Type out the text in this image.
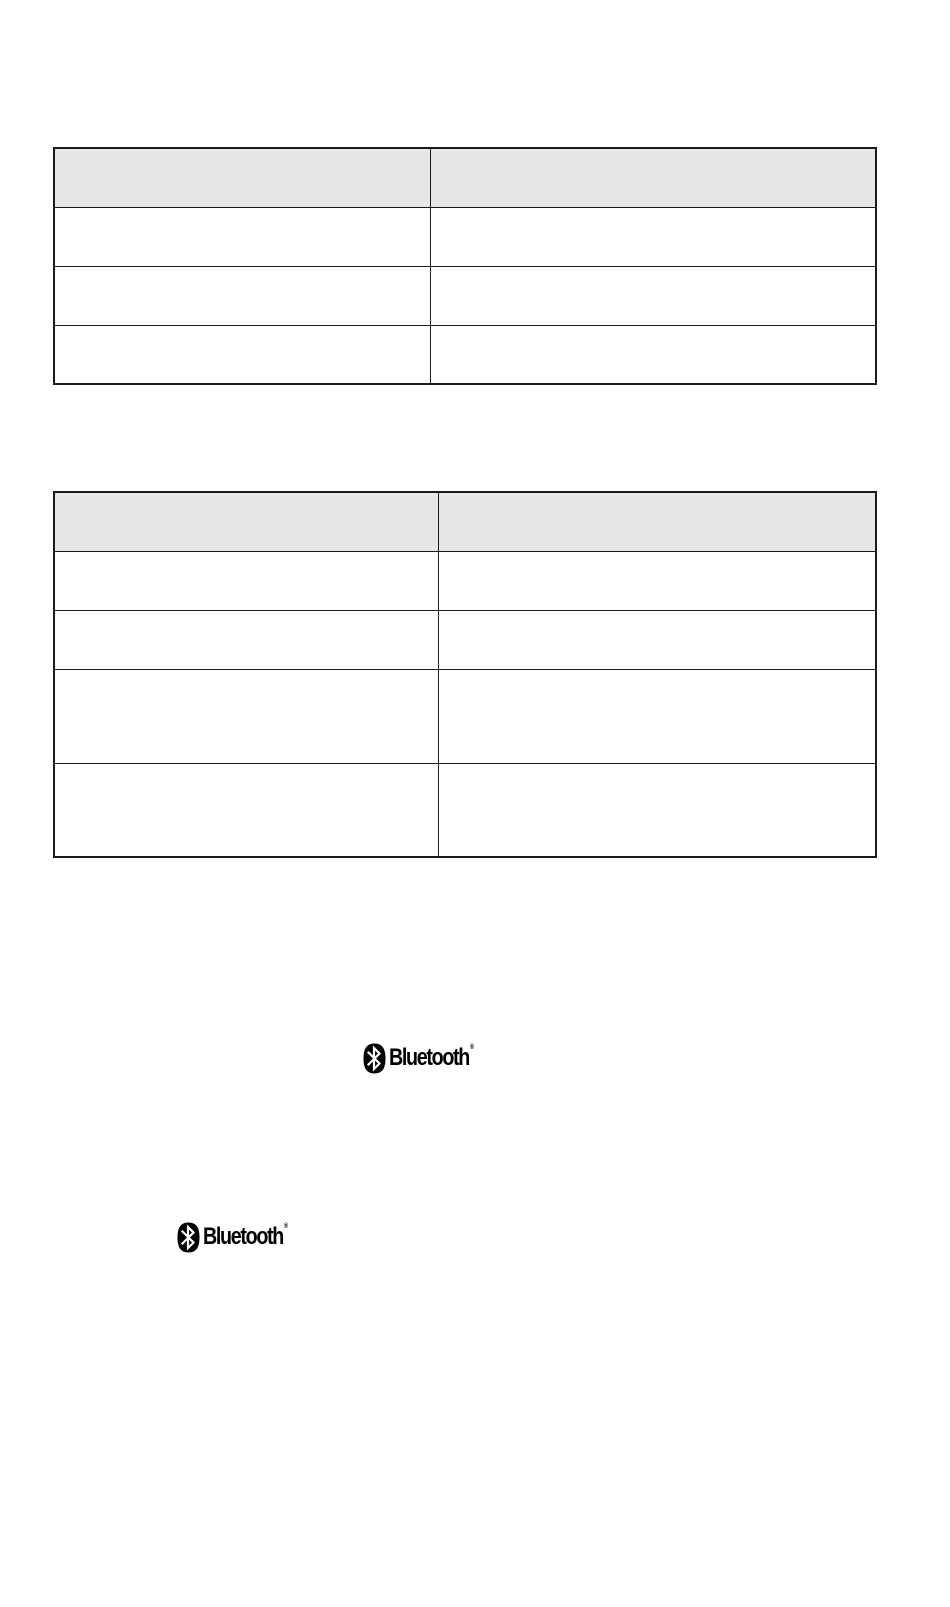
Bluetooth®
Bluetooth®
